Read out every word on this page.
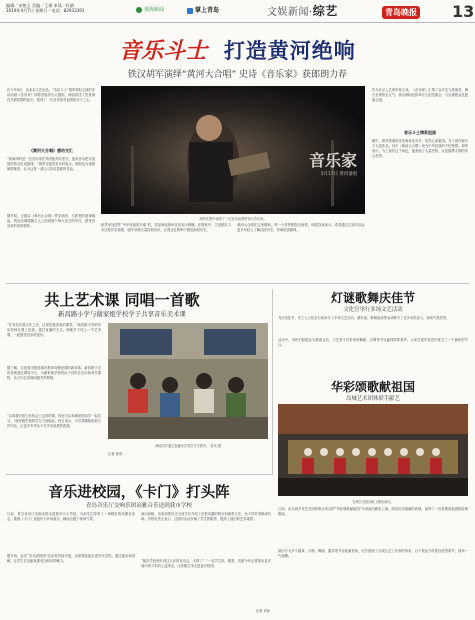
编辑／宋艳玉 美编／王瑛 审读／杜鹃
2019年4月7日 星期日 · 电话：82933391	观海新闻	掌上青岛	文娱新闻·综艺	青岛晚报 13
音乐斗士 打造黄河绝响
铁汉胡军演绎“黄河大合唱” 史诗《音乐家》获郎朗力荐
在今年4月，由北京人艺出品，“音乐斗士”胡军领衔主演的史诗话剧《音乐家》即将登陆青岛大剧院。该剧讲述了冼星海在苏联时期的经历，展现了一位音乐家对祖国的赤子之心。
《黄河大合唱》感动交汇
“我演绎的是一位音乐家在异国他乡的坚守，他用音乐把对祖国的思念化成旋律。”胡军在接受采访时表示。郎朗也为该剧倾情推荐，认为这是一部让人热泪盈眶的作品。
据介绍，全剧以《黄河大合唱》贯穿始终，当熟悉的旋律响起，观众仿佛跟随主人公回到那个烽火连天的年代，感受音乐家的家国情怀。
音乐家
5月17日 黄河谁唱
胡军在剧中演绎了一位爱乐祖国的伟大音乐家。
纵然身处国外“中华民族的灾难”时，冼星海选择用音乐发出呐喊。在排练中，主创团队力求还原历史原貌，剧中穿插大量经典音乐，让观众在聆听中感受那段历史。
黄河大合唱在这里唱响，每一个音符都饱含深情。该剧导演表示，希望通过这部作品让更多年轻人了解这段历史，传承民族精神。
作为北京人艺的年度大戏，《音乐家》汇集了众多实力派演员，舞台呈现恢宏大气。演出期间还将举办主创见面会，与岛城观众近距离交流。
音乐斗士情系祖国
剧中，胡军饰演的冼星海身处异乡，依然心系祖国。为了创作他写下大量作品，其中《黄河大合唱》成为中华民族的不朽绝唱。胡军表示，为了演好这个角色，他查阅了大量史料，反复揣摩人物的内心世界。
共上艺术课 同唱一首歌
新昌路小学与谢家炮学校学子共享音乐美术课
“在青岛开展合作之后，这里是我喜欢的课堂。”新昌路小学的音乐老师在课上说道。通过直播的方式，两地学子同上一节艺术课，一起感受音乐的美好。
据了解，这是我市推进城乡教育均衡发展的新举措。新昌路小学的老师通过网络平台，为谢家炮学校的孩子们带去音乐和美术课程，孩子们在屏幕两端齐声歌唱。
“以前我们很少有机会上这样的课，现在可以和城里的同学一起学习。”谢家炮学校的学生兴奋地说。校方表示，今后将继续拓展合作内容，让更多乡村孩子共享优质教育资源。
两地同学通过直播形式同享艺术教育。 姜岚 摄
记者 姜岚
灯谜歌舞庆佳节
文化宫举行多场文艺活动
为庆祝佳节，市工人文化宫日前举办了多场文艺活动，猜灯谜、歌舞表演等活动吸引了众多市民参与，现场气氛热烈。
活动中，市民们积极参与猜谜互动，文艺骨干们带来的舞蹈、合唱等节目赢得阵阵掌声，大家在欢声笑语中度过了一个愉快的节日。
华彩颂歌献祖国
岛城艺术团体联手献艺
岛城艺术团体献上精彩演出。
日前，由岛城多家艺术团体联合举办的“华彩颂歌献祖国”专场演出精彩上演。演员们用饱满的热情，演绎了一首首歌颂祖国的经典歌曲。
演出分为多个篇章，合唱、舞蹈、器乐等节目轮番登场，充分展现了岛城文艺工作者的风采。台下观众不时报以热烈掌声，现场一片欢腾。
音乐进校园，《卡门》打头阵
青岛音乐厅交响乐团高雅音乐送到我市学校
日前，青岛音乐厅交响乐团走进我市中小学校，为师生们带来了一场精彩的高雅音乐会。歌剧《卡门》选段作为开场曲目，瞬间点燃了现场气氛。
据介绍，此次“音乐进校园”活动将持续开展，乐团将陆续走进多所学校，通过演出和讲解，让学生们近距离感受交响乐的魅力。
演出间隙，乐团演奏员还为同学们介绍了各种乐器的特点和演奏方法，孩子们听得津津有味。学校负责人表示，这样的活动开阔了学生的眼界，提高了他们的艺术素养。
“能在学校里听到这么好的音乐会，太棒了！”一名学生说。据悉，乐团今年还将推出更多面向青少年的公益演出，让高雅艺术走进更多校园。
记者 刘萍
